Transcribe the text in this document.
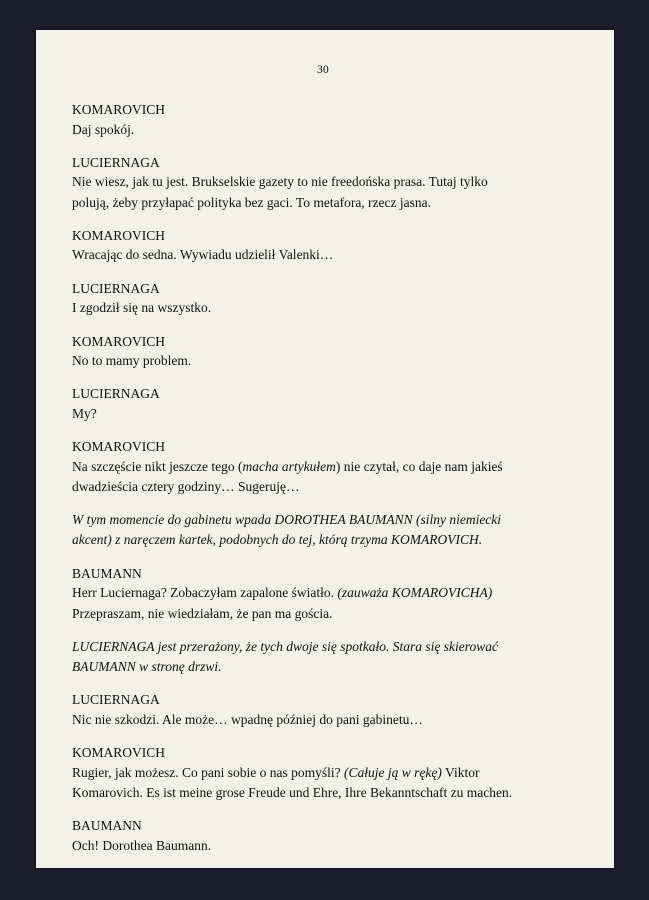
30

KOMAROVICH

Daj spokój.

LUCIERNAGA

Nie wiesz, jak tu jest. Brukselskie gazety to nie freedońska prasa. Tutaj tylko
polują, żeby przyłapać polityka bez gaci. To metafora, rzecz jasna.

KOMAROVICH

Wracając do sedna. Wywiadu udzielił Valenki…

LUCIERNAGA

I zgodził się na wszystko.

KOMAROVICH

No to mamy problem.

LUCIERNAGA

My?

KOMAROVICH

Na szczęście nikt jeszcze tego (macha artykułem) nie czytał, co daje nam jakieś
dwadzieścia cztery godziny… Sugeruję…

W tym momencie do gabinetu wpada DOROTHEA BAUMANN (silny niemiecki
akcent) z naręczem kartek, podobnych do tej, którą trzyma KOMAROVICH.

BAUMANN

Herr Luciernaga? Zobaczyłam zapalone światło. (zauważa KOMAROVICHA)
Przepraszam, nie wiedziałam, że pan ma gościa.

LUCIERNAGA jest przerażony, że tych dwoje się spotkało. Stara się skierować
BAUMANN w stronę drzwi.

LUCIERNAGA

Nic nie szkodzi. Ale może… wpadnę później do pani gabinetu…

KOMAROVICH

Rugier, jak możesz. Co pani sobie o nas pomyśli? (Całuje ją w rękę) Viktor
Komarovich. Es ist meine grose Freude und Ehre, Ihre Bekanntschaft zu machen.

BAUMANN

Och! Dorothea Baumann.
